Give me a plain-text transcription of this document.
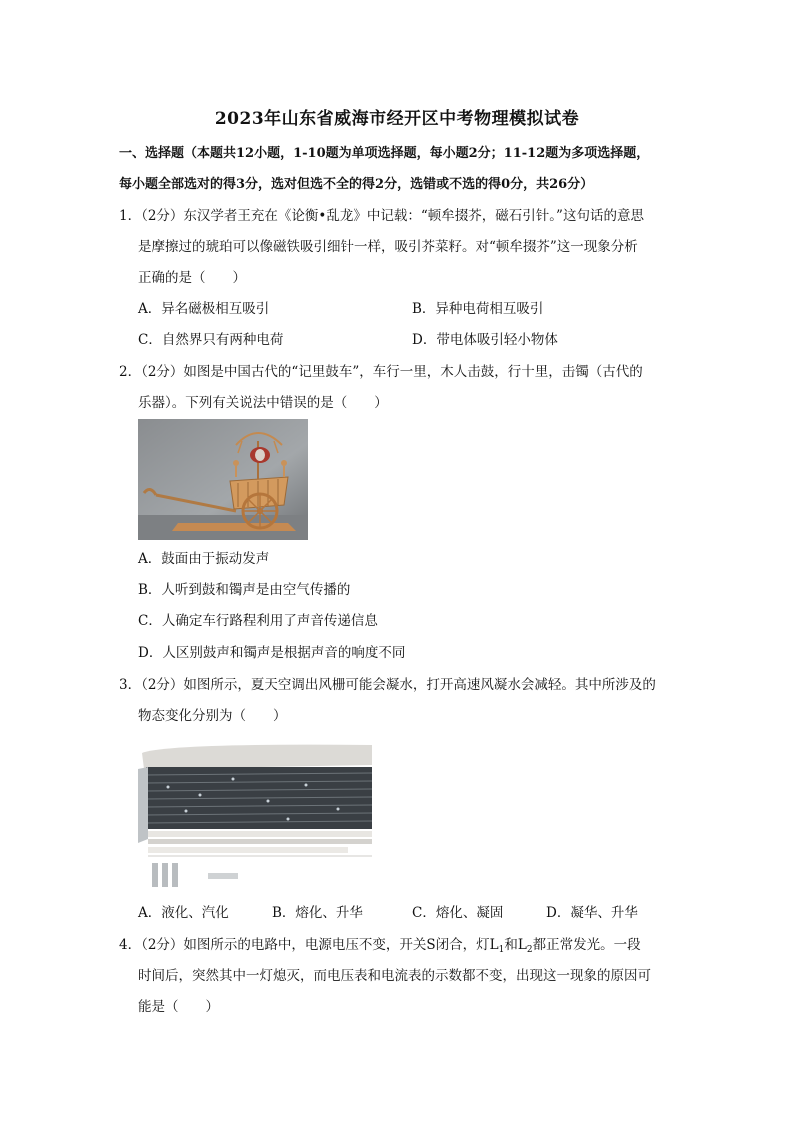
2023年山东省威海市经开区中考物理模拟试卷
一、选择题（本题共12小题，1-10题为单项选择题，每小题2分；11-12题为多项选择题，
每小题全部选对的得3分，选对但选不全的得2分，选错或不选的得0分，共26分）
1．（2分）东汉学者王充在《论衡•乱龙》中记载：“顿牟掇芥，磁石引针。”这句话的意思
是摩擦过的琥珀可以像磁铁吸引细针一样，吸引芥菜籽。对“顿牟掇芥”这一现象分析
正确的是（　　）
A．异名磁极相互吸引	B．异种电荷相互吸引
C．自然界只有两种电荷	D．带电体吸引轻小物体
2．（2分）如图是中国古代的“记里鼓车”，车行一里，木人击鼓，行十里，击镯（古代的
乐器）。下列有关说法中错误的是（　　）
A．鼓面由于振动发声
B．人听到鼓和镯声是由空气传播的
C．人确定车行路程利用了声音传递信息
D．人区别鼓声和镯声是根据声音的响度不同
3．（2分）如图所示，夏天空调出风栅可能会凝水，打开高速风凝水会减轻。其中所涉及的
物态变化分别为（　　）
A．液化、汽化	B．熔化、升华	C．熔化、凝固	D．凝华、升华
4．（2分）如图所示的电路中，电源电压不变，开关S闭合，灯$L_1$和$L_2$都正常发光。一段
时间后，突然其中一灯熄灭，而电压表和电流表的示数都不变，出现这一现象的原因可
能是（　　）
